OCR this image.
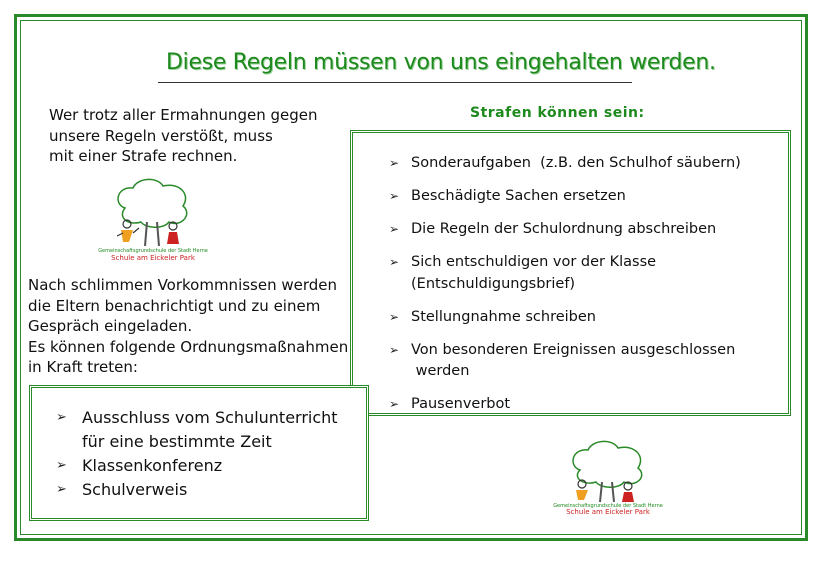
Diese Regeln müssen von uns eingehalten werden.
Wer trotz aller Ermahnungen gegen
unsere Regeln verstößt, muss
mit einer Strafe rechnen.
Gemeinschaftsgrundschule der Stadt Herne
Schule am Eickeler Park
Nach schlimmen Vorkommnissen werden
die Eltern benachrichtigt und zu einem
Gespräch eingeladen.
Es können folgende Ordnungsmaßnahmen
in Kraft treten:
Strafen können sein:
➢ Sonderaufgaben  (z.B. den Schulhof säubern)
➢ Beschädigte Sachen ersetzen
➢ Die Regeln der Schulordnung abschreiben
➢ Sich entschuldigen vor der Klasse
(Entschuldigungsbrief)
➢ Stellungnahme schreiben
➢ Von besonderen Ereignissen ausgeschlossen
werden
➢ Pausenverbot
➢ Ausschluss vom Schulunterricht
für eine bestimmte Zeit
➢ Klassenkonferenz
➢ Schulverweis
Gemeinschaftsgrundschule der Stadt Herne
Schule am Eickeler Park
